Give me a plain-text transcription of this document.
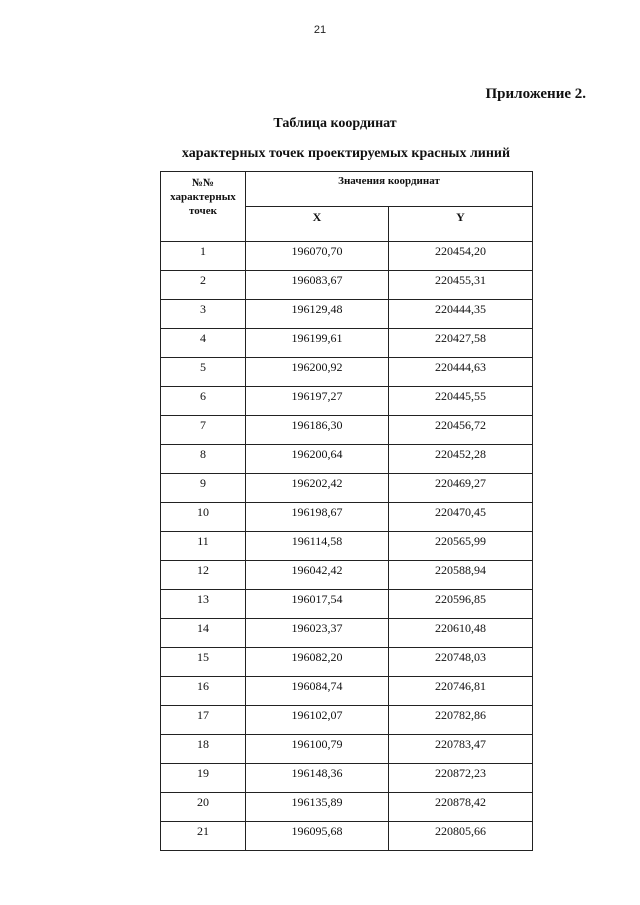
21
Приложение 2.
Таблица координат
характерных точек проектируемых красных линий
№№
характерных
точек	Значения координат	
	X	Y
1	196070,70	220454,20
2	196083,67	220455,31
3	196129,48	220444,35
4	196199,61	220427,58
5	196200,92	220444,63
6	196197,27	220445,55
7	196186,30	220456,72
8	196200,64	220452,28
9	196202,42	220469,27
10	196198,67	220470,45
11	196114,58	220565,99
12	196042,42	220588,94
13	196017,54	220596,85
14	196023,37	220610,48
15	196082,20	220748,03
16	196084,74	220746,81
17	196102,07	220782,86
18	196100,79	220783,47
19	196148,36	220872,23
20	196135,89	220878,42
21	196095,68	220805,66
